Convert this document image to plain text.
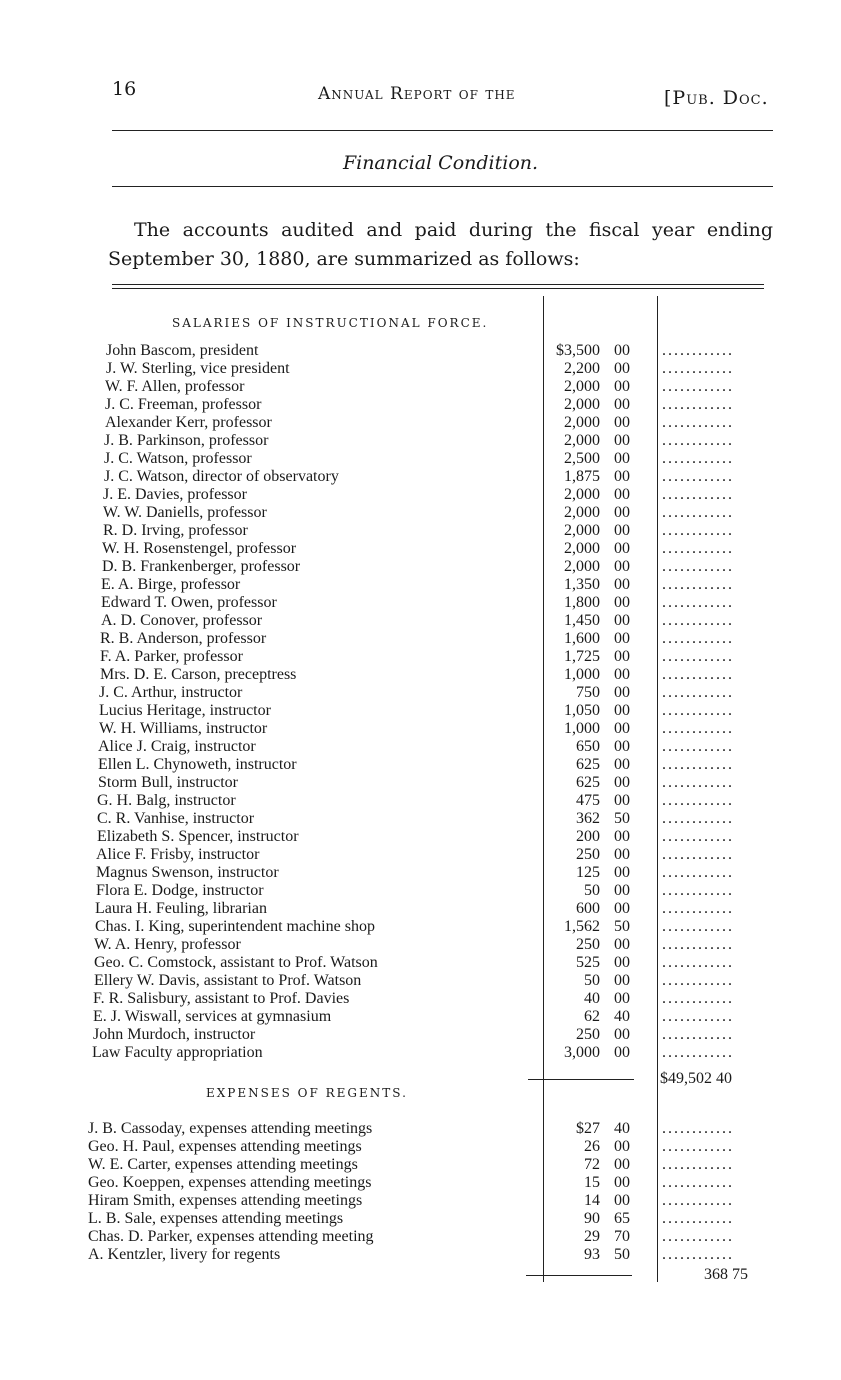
16	Annual Report of the	[Pub. Doc.
Financial Condition.
The accounts audited and paid during the fiscal year ending
September 30, 1880, are summarized as follows:
SALARIES OF INSTRUCTIONAL FORCE.
John Bascom, president	$3,500 00 ............
J. W. Sterling, vice president	2,200 00 ............
W. F. Allen, professor	2,000 00 ............
J. C. Freeman, professor	2,000 00 ............
Alexander Kerr, professor	2,000 00 ............
J. B. Parkinson, professor	2,000 00 ............
J. C. Watson, professor	2,500 00 ............
J. C. Watson, director of observatory	1,875 00 ............
J. E. Davies, professor	2,000 00 ............
W. W. Daniells, professor	2,000 00 ............
R. D. Irving, professor	2,000 00 ............
W. H. Rosenstengel, professor	2,000 00 ............
D. B. Frankenberger, professor	2,000 00 ............
E. A. Birge, professor	1,350 00 ............
Edward T. Owen, professor	1,800 00 ............
A. D. Conover, professor	1,450 00 ............
R. B. Anderson, professor	1,600 00 ............
F. A. Parker, professor	1,725 00 ............
Mrs. D. E. Carson, preceptress	1,000 00 ............
J. C. Arthur, instructor	750 00 ............
Lucius Heritage, instructor	1,050 00 ............
W. H. Williams, instructor	1,000 00 ............
Alice J. Craig, instructor	650 00 ............
Ellen L. Chynoweth, instructor	625 00 ............
Storm Bull, instructor	625 00 ............
G. H. Balg, instructor	475 00 ............
C. R. Vanhise, instructor	362 50 ............
Elizabeth S. Spencer, instructor	200 00 ............
Alice F. Frisby, instructor	250 00 ............
Magnus Swenson, instructor	125 00 ............
Flora E. Dodge, instructor	50 00 ............
Laura H. Feuling, librarian	600 00 ............
Chas. I. King, superintendent machine shop	1,562 50 ............
W. A. Henry, professor	250 00 ............
Geo. C. Comstock, assistant to Prof. Watson	525 00 ............
Ellery W. Davis, assistant to Prof. Watson	50 00 ............
F. R. Salisbury, assistant to Prof. Davies	40 00 ............
E. J. Wiswall, services at gymnasium	62 40 ............
John Murdoch, instructor	250 00 ............
Law Faculty appropriation	3,000 00 ............
$49,502 40
EXPENSES OF REGENTS.
J. B. Cassoday, expenses attending meetings	$27 40 ............
Geo. H. Paul, expenses attending meetings	26 00 ............
W. E. Carter, expenses attending meetings	72 00 ............
Geo. Koeppen, expenses attending meetings	15 00 ............
Hiram Smith, expenses attending meetings	14 00 ............
L. B. Sale, expenses attending meetings	90 65 ............
Chas. D. Parker, expenses attending meeting	29 70 ............
A. Kentzler, livery for regents	93 50 ............
368 75
